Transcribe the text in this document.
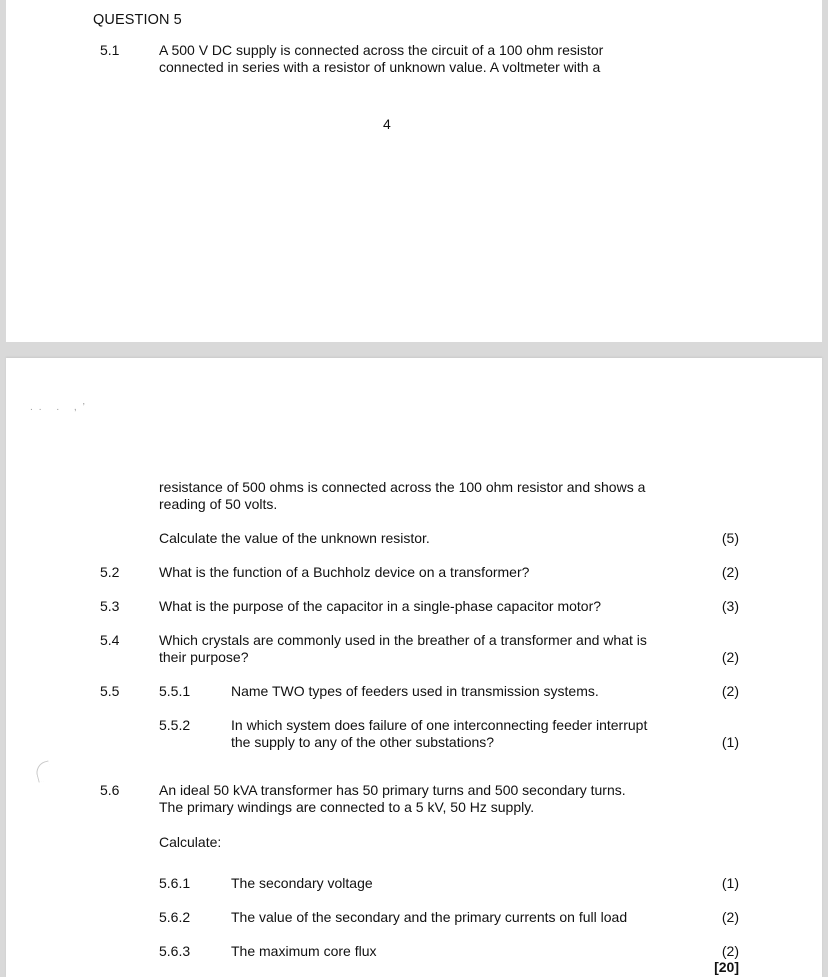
QUESTION 5
5.1	A 500 V DC supply is connected across the circuit of a 100 ohm resistor
connected in series with a resistor of unknown value. A voltmeter with a
4
.. . ,’
resistance of 500 ohms is connected across the 100 ohm resistor and shows a
reading of 50 volts.
Calculate the value of the unknown resistor.	(5)
5.2	What is the function of a Buchholz device on a transformer?	(2)
5.3	What is the purpose of the capacitor in a single-phase capacitor motor?	(3)
5.4	Which crystals are commonly used in the breather of a transformer and what is
their purpose?	(2)
5.5	5.5.1	Name TWO types of feeders used in transmission systems.	(2)
5.5.2	In which system does failure of one interconnecting feeder interrupt
the supply to any of the other substations?	(1)
5.6	An ideal 50 kVA transformer has 50 primary turns and 500 secondary turns.
The primary windings are connected to a 5 kV, 50 Hz supply.
Calculate:
5.6.1	The secondary voltage	(1)
5.6.2	The value of the secondary and the primary currents on full load	(2)
5.6.3	The maximum core flux	(2)
[20]
